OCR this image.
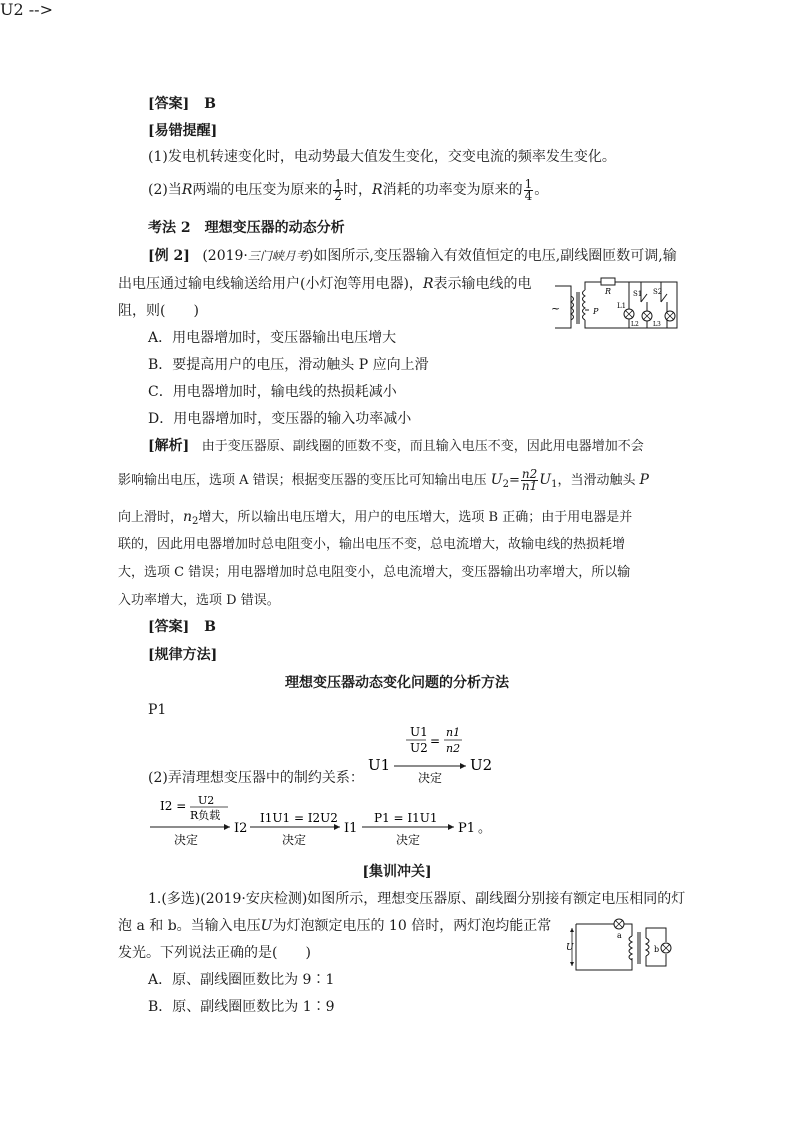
[答案] B
[易错提醒]
(1)发电机转速变化时，电动势最大值发生变化，交变电流的频率发生变化。
(2)当R两端的电压变为原来的 $\frac{1}{2}$ 时，R消耗的功率变为原来的 $\frac{1}{4}$ 。
考法 2　理想变压器的动态分析
[例 2] (2019·三门峡月考)如图所示,变压器输入有效值恒定的电压,副线圈匝数可调,输
出电压通过输电线输送给用户(小灯泡等用电器)，R表示输电线的电
阻，则(　　)
A．用电器增加时，变压器输出电压增大
B．要提高用户的电压，滑动触头 P 应向上滑
C．用电器增加时，输电线的热损耗减小
D．用电器增加时，变压器的输入功率减小
~	P
R	S1 S2
L1
L2 L3
[解析] 由于变压器原、副线圈的匝数不变，而且输入电压不变，因此用电器增加不会
影响输出电压，选项 A 错误；根据变压器的变压比可知输出电压 $U_2= \frac{n2}{n1} U_1$，当滑动触头 P
向上滑时，$n_2$增大，所以输出电压增大，用户的电压增大，选项 B 正确；由于用电器是并
联的，因此用电器增加时总电阻变小，输出电压不变，总电流增大，故输电线的热损耗增
大，选项 C 错误；用电器增加时总电阻变小，总电流增大，变压器输出功率增大，所以输
入功率增大，选项 D 错误。
[答案] B
[规律方法]
理想变压器动态变化问题的分析方法
P1
(2)弄清理想变压器中的制约关系：
U2 -->
U1
U2 =
n1
n2
U1	U2
决定
I2 = U2
R负载
决定
I2
I1U1 = I2U2
决定
I1
P1 = I1U1
决定
P1 。
[集训冲关]
1.(多选)(2019·安庆检测)如图所示，理想变压器原、副线圈分别接有额定电压相同的灯
泡 a 和 b。当输入电压U为灯泡额定电压的 10 倍时，两灯泡均能正常
发光。下列说法正确的是(　　)
A．原、副线圈匝数比为 9∶1
B．原、副线圈匝数比为 1∶9
U
a
b
